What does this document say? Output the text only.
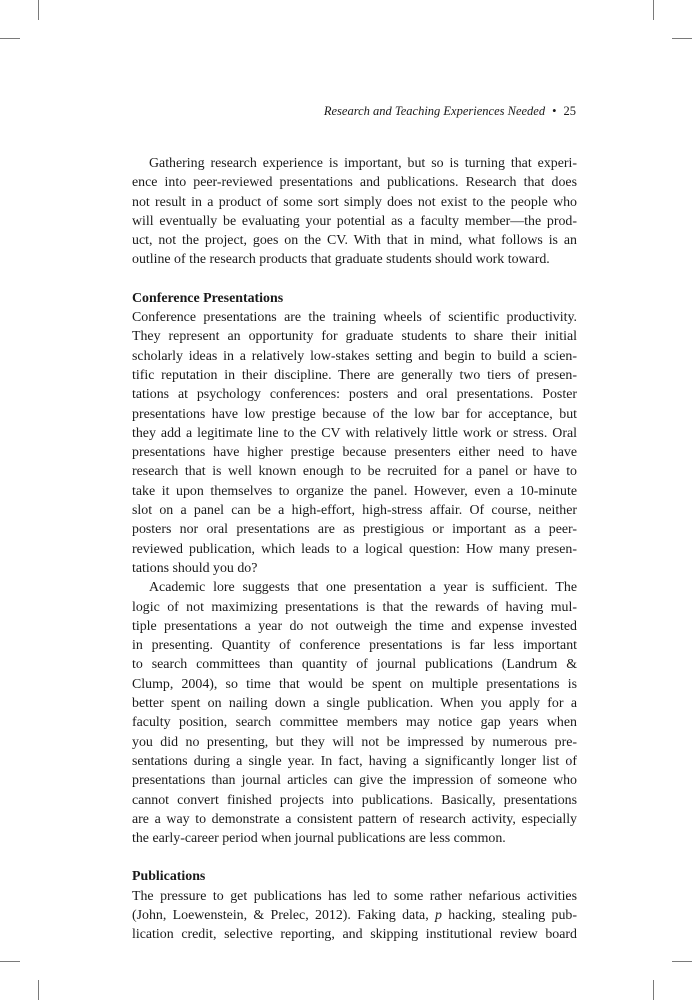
Research and Teaching Experiences Needed • 25
Gathering research experience is important, but so is turning that experi-
ence into peer-reviewed presentations and publications. Research that does
not result in a product of some sort simply does not exist to the people who
will eventually be evaluating your potential as a faculty member—the prod-
uct, not the project, goes on the CV. With that in mind, what follows is an
outline of the research products that graduate students should work toward.
Conference Presentations
Conference presentations are the training wheels of scientific productivity.
They represent an opportunity for graduate students to share their initial
scholarly ideas in a relatively low-stakes setting and begin to build a scien-
tific reputation in their discipline. There are generally two tiers of presen-
tations at psychology conferences: posters and oral presentations. Poster
presentations have low prestige because of the low bar for acceptance, but
they add a legitimate line to the CV with relatively little work or stress. Oral
presentations have higher prestige because presenters either need to have
research that is well known enough to be recruited for a panel or have to
take it upon themselves to organize the panel. However, even a 10-minute
slot on a panel can be a high-effort, high-stress affair. Of course, neither
posters nor oral presentations are as prestigious or important as a peer-
reviewed publication, which leads to a logical question: How many presen-
tations should you do?
Academic lore suggests that one presentation a year is sufficient. The
logic of not maximizing presentations is that the rewards of having mul-
tiple presentations a year do not outweigh the time and expense invested
in presenting. Quantity of conference presentations is far less important
to search committees than quantity of journal publications (Landrum &
Clump, 2004), so time that would be spent on multiple presentations is
better spent on nailing down a single publication. When you apply for a
faculty position, search committee members may notice gap years when
you did no presenting, but they will not be impressed by numerous pre-
sentations during a single year. In fact, having a significantly longer list of
presentations than journal articles can give the impression of someone who
cannot convert finished projects into publications. Basically, presentations
are a way to demonstrate a consistent pattern of research activity, especially
the early-career period when journal publications are less common.
Publications
The pressure to get publications has led to some rather nefarious activities
(John, Loewenstein, & Prelec, 2012). Faking data, p hacking, stealing pub-
lication credit, selective reporting, and skipping institutional review board
